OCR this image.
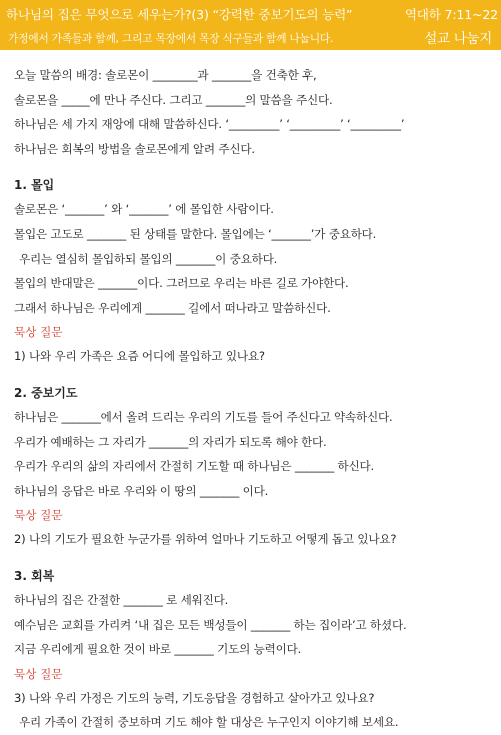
하나님의 집은 무엇으로 세우는가?(3) “강력한 중보기도의 능력”	역대하 7:11~22
가정에서 가족들과 함께, 그리고 목장에서 목장 식구들과 함께 나눕니다.	설교 나눔지
오늘 말씀의 배경: 솔로몬이 ________과 _______을 건축한 후,
솔로몬을 _____에 만나 주신다. 그리고 _______의 말씀을 주신다.
하나님은 세 가지 재앙에 대해 말씀하신다. ‘_________’ ‘_________’ ‘_________’
하나님은 회복의 방법을 솔로몬에게 알려 주신다.
1. 몰입
솔로몬은 ‘_______’ 와 ‘_______’ 에 몰입한 사람이다.
몰입은 고도로 _______ 된 상태를 말한다. 몰입에는 ‘_______’가 중요하다.
우리는 열심히 몰입하되 몰입의 _______이 중요하다.
몰입의 반대말은 _______이다. 그러므로 우리는 바른 길로 가야한다.
그래서 하나님은 우리에게 _______ 길에서 떠나라고 말씀하신다.
묵상 질문
1) 나와 우리 가족은 요즘 어디에 몰입하고 있나요?
2. 중보기도
하나님은 _______에서 올려 드리는 우리의 기도를 들어 주신다고 약속하신다.
우리가 예배하는 그 자리가 _______의 자리가 되도록 해야 한다.
우리가 우리의 삶의 자리에서 간절히 기도할 때 하나님은 _______ 하신다.
하나님의 응답은 바로 우리와 이 땅의 _______ 이다.
묵상 질문
2) 나의 기도가 필요한 누군가를 위하여 얼마나 기도하고 어떻게 돕고 있나요?
3. 회복
하나님의 집은 간절한 _______ 로 세워진다.
예수님은 교회를 가리켜 ‘내 집은 모든 백성들이 _______ 하는 집이라’고 하셨다.
지금 우리에게 필요한 것이 바로 _______ 기도의 능력이다.
묵상 질문
3) 나와 우리 가정은 기도의 능력, 기도응답을 경험하고 살아가고 있나요?
우리 가족이 간절히 중보하며 기도 해야 할 대상은 누구인지 이야기해 보세요.
